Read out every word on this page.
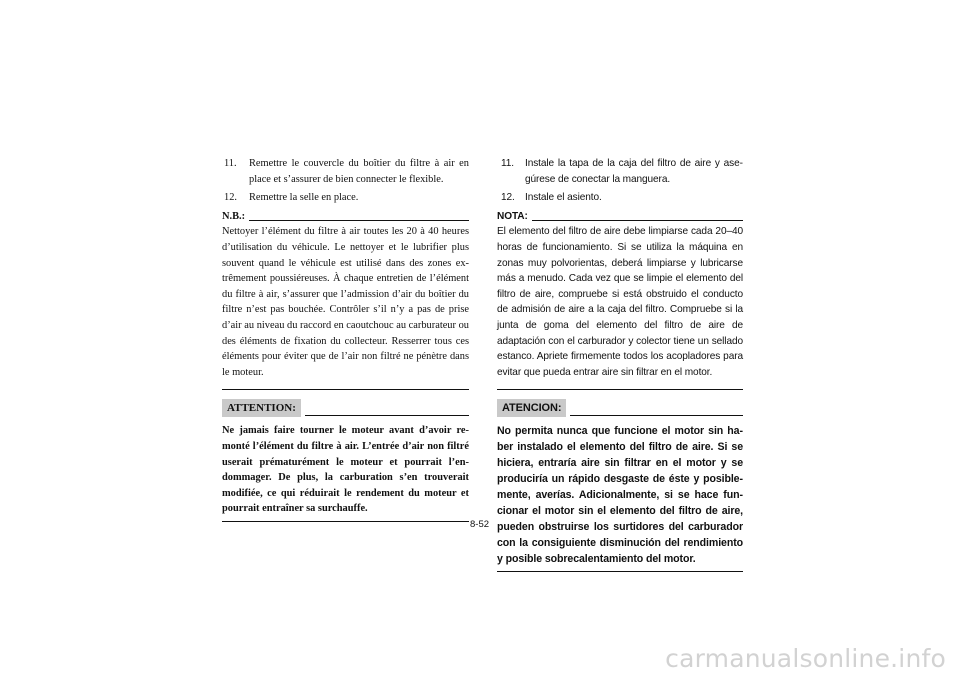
11.	Remettre le couvercle du boîtier du filtre à air en place et s’assurer de bien connecter le flexible.
12.	Remettre la selle en place.
N.B.:
Nettoyer l’élément du filtre à air toutes les 20 à 40 heures d’utilisation du véhicule. Le nettoyer et le lubrifier plus souvent quand le véhicule est utilisé dans des zones extrêmement poussiéreuses. À chaque entretien de l’élément du filtre à air, s’assurer que l’admission d’air du boîtier du filtre n’est pas bouchée. Contrôler s’il n’y a pas de prise d’air au niveau du raccord en caoutchouc au carburateur ou des éléments de fixation du collecteur. Resserrer tous ces éléments pour éviter que de l’air non filtré ne pénètre dans le moteur.
ATTENTION:
Ne jamais faire tourner le moteur avant d’avoir remonté l’élément du filtre à air. L’entrée d’air non filtré userait prématurément le moteur et pourrait l’endommager. De plus, la carburation s’en trouverait modifiée, ce qui réduirait le rendement du moteur et pourrait entraîner sa surchauffe.
11.	Instale la tapa de la caja del filtro de aire y asegúrese de conectar la manguera.
12.	Instale el asiento.
NOTA:
El elemento del filtro de aire debe limpiarse cada 20–40 horas de funcionamiento. Si se utiliza la máquina en zonas muy polvorientas, deberá limpiarse y lubricarse más a menudo. Cada vez que se limpie el elemento del filtro de aire, compruebe si está obstruido el conducto de admisión de aire a la caja del filtro. Compruebe si la junta de goma del elemento del filtro de aire de adaptación con el carburador y colector tiene un sellado estanco. Apriete firmemente todos los acopladores para evitar que pueda entrar aire sin filtrar en el motor.
ATENCION:
No permita nunca que funcione el motor sin haber instalado el elemento del filtro de aire. Si se hiciera, entraría aire sin filtrar en el motor y se produciría un rápido desgaste de éste y posiblemente, averías. Adicionalmente, si se hace funcionar el motor sin el elemento del filtro de aire, pueden obstruirse los surtidores del carburador con la consiguiente disminución del rendimiento y posible sobrecalentamiento del motor.
8-52
carmanualsonline.info
